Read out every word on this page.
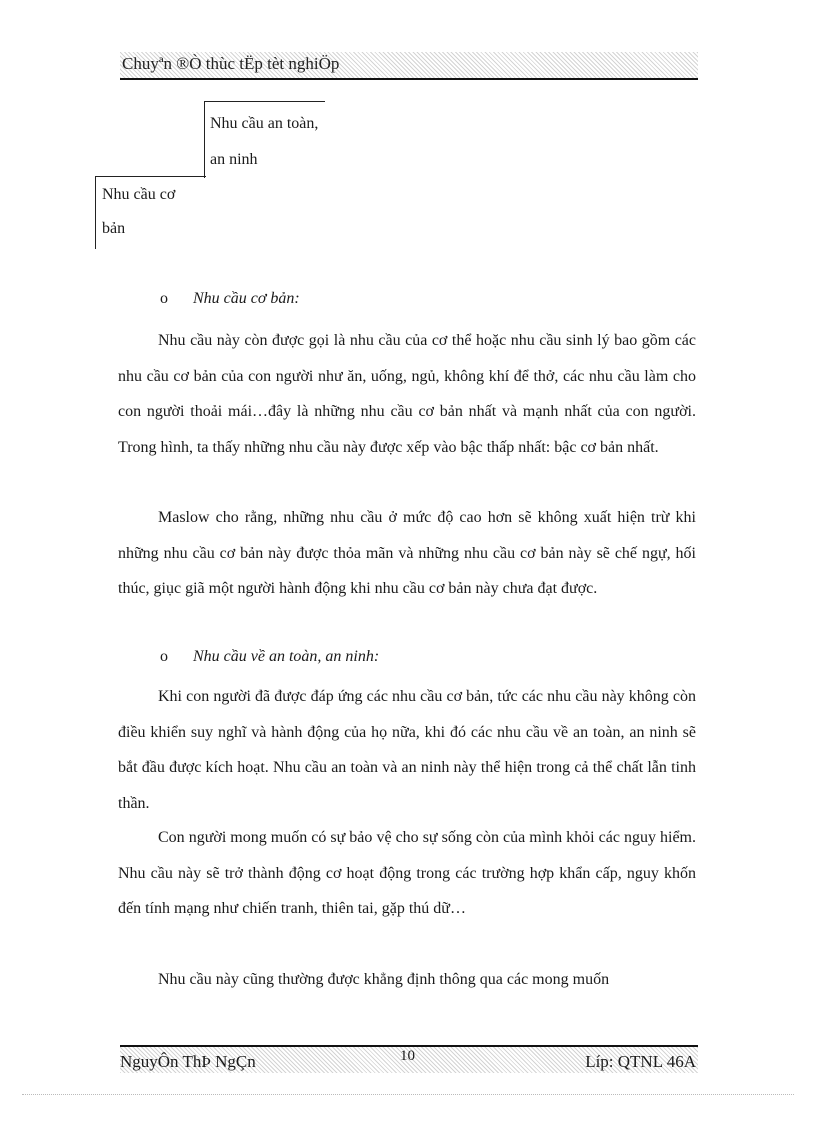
Chuyªn ®Ò thùc tËp tèt nghiÖp
Nhu cầu an toàn, an ninh
Nhu cầu cơ bản
o Nhu cầu cơ bản:

Nhu cầu này còn được gọi là nhu cầu của cơ thể hoặc nhu cầu sinh lý bao gồm các nhu cầu cơ bản của con người như ăn, uống, ngủ, không khí để thở, các nhu cầu làm cho con người thoải mái…đây là những nhu cầu cơ bản nhất và mạnh nhất của con người. Trong hình, ta thấy những nhu cầu này được xếp vào bậc thấp nhất: bậc cơ bản nhất.

Maslow cho rằng, những nhu cầu ở mức độ cao hơn sẽ không xuất hiện trừ khi những nhu cầu cơ bản này được thỏa mãn và những nhu cầu cơ bản này sẽ chế ngự, hối thúc, giục giã một người hành động khi nhu cầu cơ bản này chưa đạt được.

o Nhu cầu về an toàn, an ninh:

Khi con người đã được đáp ứng các nhu cầu cơ bản, tức các nhu cầu này không còn điều khiển suy nghĩ và hành động của họ nữa, khi đó các nhu cầu về an toàn, an ninh sẽ bắt đầu được kích hoạt. Nhu cầu an toàn và an ninh này thể hiện trong cả thể chất lẫn tinh thần.

Con người mong muốn có sự bảo vệ cho sự sống còn của mình khỏi các nguy hiểm. Nhu cầu này sẽ trở thành động cơ hoạt động trong các trường hợp khẩn cấp, nguy khốn đến tính mạng như chiến tranh, thiên tai, gặp thú dữ…

Nhu cầu này cũng thường được khẳng định thông qua các mong muốn

NguyÔn ThÞ NgÇn	10	Líp: QTNL 46A
